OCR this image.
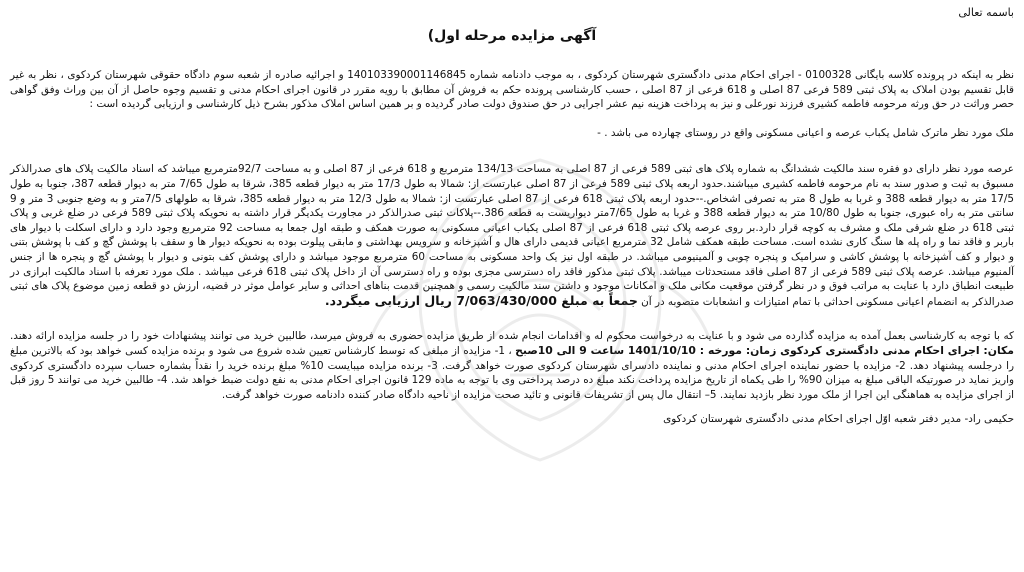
باسمه تعالی

آگهی مزایده مرحله اول)

نظر به اینکه در پرونده کلاسه بایگانی 0100328 - اجرای احکام مدنی دادگستری شهرستان کردکوی ، به موجب دادنامه شماره 140103390001146845 و اجرائیه صادره از شعبه سوم دادگاه حقوقی شهرستان کردکوی ، نظر به غیر قابل تقسیم بودن املاک به پلاک ثبتی 589 فرعی 87 اصلی و 618 فرعی از 87 اصلی ، حسب کارشناسی پرونده حکم به فروش آن مطابق با رویه مقرر در قانون اجرای احکام مدنی و تقسیم وجوه حاصل از آن بین وراث وفق گواهی حصر وراثت در حق ورثه مرحومه فاطمه کشیری فرزند نورعلی و نیز به پرداخت هزینه نیم عشر اجرایی در حق صندوق دولت صادر گردیده و بر همین اساس املاک مذکور بشرح ذیل کارشناسی و ارزیابی گردیده است :

ملک مورد نظر ماترک شامل یکباب عرصه و اعیانی مسکونی واقع در روستای چهارده می باشد . -

عرصه مورد نظر دارای دو فقره سند مالکیت ششدانگ به شماره پلاک های ثبتی 589 فرعی از 87 اصلی به مساحت 134/13 مترمربع و 618 فرعی از 87 اصلی و به مساحت 92/7مترمربع میباشد که اسناد مالکیت پلاک های صدرالذکر مسبوق به ثبت و صدور سند به نام مرحومه فاطمه کشیری میباشند.حدود اربعه پلاک ثبتی 589 فرعی از 87 اصلی عبارتست از: شمالا به طول 17/3 متر به دیوار قطعه 385، شرقا به طول 7/65 متر به دیوار قطعه 387، جنوبا به طول 17/5 متر به دیوار قطعه 388 و غربا به طول 8 متر به تصرفی اشخاص.--حدود اربعه پلاک ثبتی 618 فرعی از 87 اصلی عبارتست از: شمالا به طول 12/3 متر به دیوار قطعه 385، شرقا به طولهای 7/5متر و به وضع جنوبی 3 متر و 9 سانتی متر به راه عبوری، جنوبا به طول 10/80 متر به دیوار قطعه 388 و غربا به طول 7/65متر دیواریست به قطعه 386.--پلاکات ثبتی صدرالذکر در مجاورت یکدیگر قرار داشته به نحویکه پلاک ثبتی 589 فرعی در ضلع غربی و پلاک ثبتی 618 در ضلع شرقی ملک و مشرف به کوچه قرار دارد.بر روی عرصه پلاک ثبتی 618 فرعی از 87 اصلی یکباب اعیانی مسکونی به صورت همکف و طبقه اول جمعا به مساحت 92 مترمربع وجود دارد و دارای اسکلت با دیوار های باربر و فاقد نما و راه پله ها سنگ کاری نشده است. مساحت طبقه همکف شامل 32 مترمربع اعیانی قدیمی دارای هال و آشپزخانه و سرویس بهداشتی و مابقی پیلوت بوده به نحویکه دیوار ها و سقف با پوشش گچ و کف با پوشش بتنی و دیوار و کف آشپزخانه با پوشش کاشی و سرامیک و پنجره چوبی و آلمینیومی میباشد. در طبقه اول نیز یک واحد مسکونی به مساحت 60 مترمربع موجود میباشد و دارای پوشش کف بتونی و دیوار با پوشش گچ و پنجره ها از جنس آلمنیوم میباشد. عرصه پلاک ثبتی 589 فرعی از 87 اصلی فاقد مستحدثات میباشد. پلاک ثبتی مذکور فاقد راه دسترسی مجزی بوده و راه دسترسی آن از داخل پلاک ثبتی 618 فرعی میباشد . ملک مورد تعرفه با اسناد مالکیت ابرازی در طبیعت انطباق دارد با عنایت به مراتب فوق و در نظر گرفتن موقعیت مکانی ملک و امکانات موجود و داشتن سند مالکیت رسمی و همچنین قدمت بناهای احداثی و سایر عوامل موثر در قضیه، ارزش دو قطعه زمین موضوع پلاک های ثبتی صدرالذکر به انضمام اعیانی مسکونی احداثی با تمام امتیازات و انشعابات متصوبه در آن جمعاً به مبلغ 7/063/430/000 ریال ارزیابی میگردد.

که با توجه به کارشناسی بعمل آمده به مزایده گذارده می شود و با عنایت به درخواست محکوم له و اقدامات انجام شده از طریق مزایده حضوری به فروش میرسد، طالبین خرید می توانند پیشنهادات خود را در جلسه مزایده ارائه دهند. مکان: اجرای احکام مدنی دادگستری کردکوی زمان: مورخه : 1401/10/10 ساعت 9 الی 10صبح ، 1- مزایده از مبلغی که توسط کارشناس تعیین شده شروع می شود و برنده مزایده کسی خواهد بود که بالاترین مبلغ را درجلسه پیشنهاد دهد. 2- مزایده با حضور نماینده اجرای احکام مدنی و نماینده دادسرای شهرستان کردکوی صورت خواهد گرفت. 3- برنده مزایده میبایست 10% مبلغ برنده خرید را نقداً بشماره حساب سپرده دادگستری کردکوی واریز نماید در صورتیکه الباقی مبلغ به میزان 90% را طی یکماه از تاریخ مزایده پرداخت نکند مبلغ ده درصد پرداختی وی با توجه به ماده 129 قانون اجرای احکام مدنی به نفع دولت ضبط خواهد شد. 4- طالبین خرید می توانند 5 روز قبل از اجرای مزایده به هماهنگی این اجرا از ملک مورد نظر بازدید نمایند. 5– انتقال مال پس از تشریفات قانونی و تائید صحت مزایده از ناحیه دادگاه صادر کننده دادنامه صورت خواهد گرفت.

حکیمی راد- مدیر دفتر شعبه اوّل اجرای احکام مدنی دادگستری شهرستان کردکوی
